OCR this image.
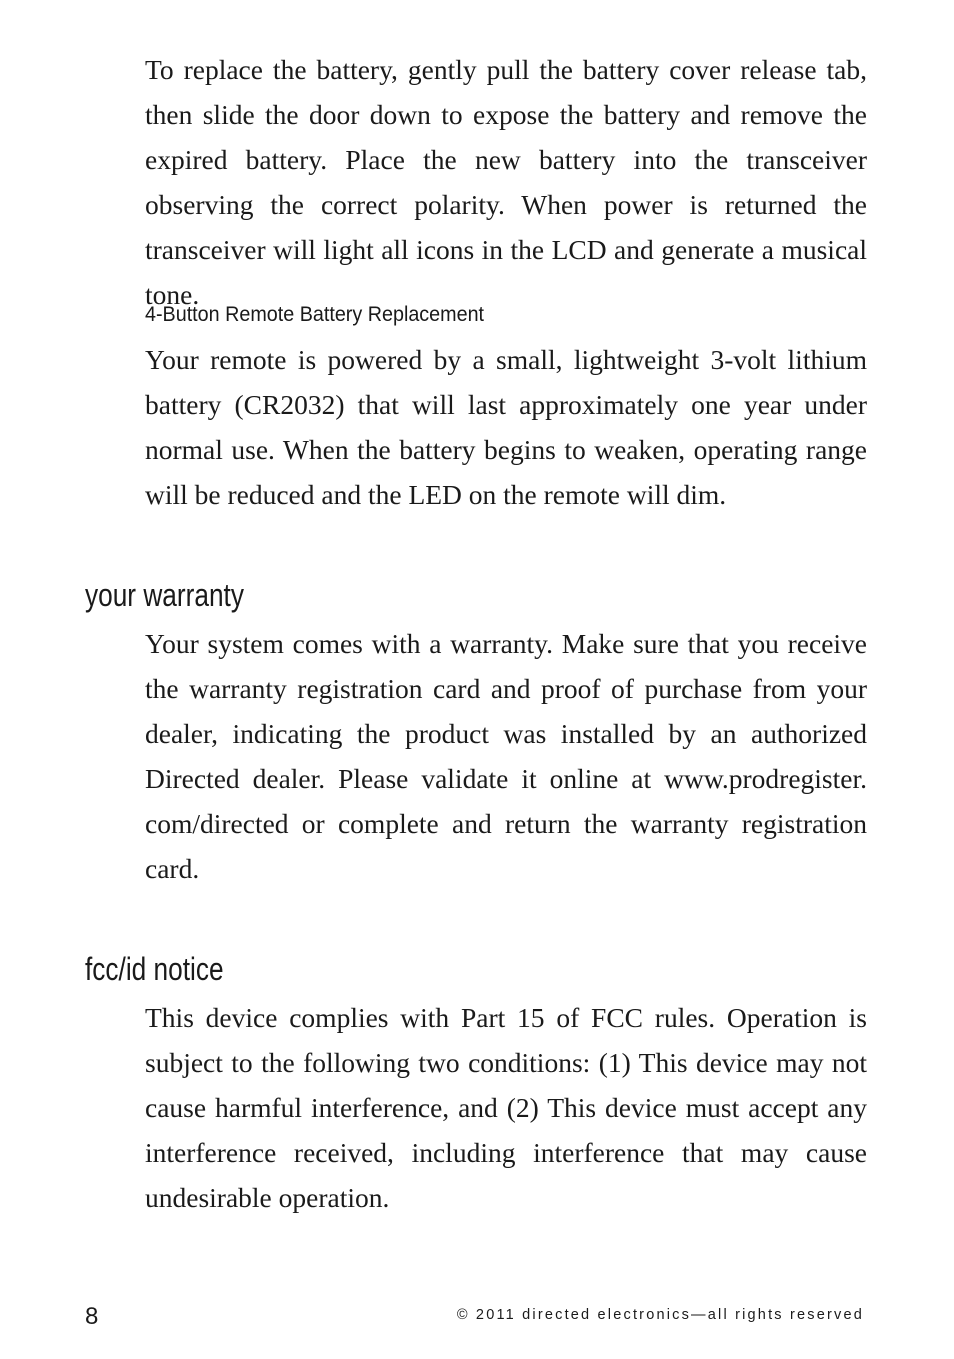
To replace the battery, gently pull the battery cover release tab, then slide the door down to expose the battery and remove the expired battery. Place the new battery into the transceiver observing the correct polarity. When power is returned the transceiver will light all icons in the LCD and generate a musical tone.

4-Button Remote Battery Replacement

Your remote is powered by a small, lightweight 3-volt lithium battery (CR2032) that will last approximately one year under normal use. When the battery begins to weaken, operating range will be reduced and the LED on the remote will dim.

your warranty

Your system comes with a warranty. Make sure that you receive the warranty registration card and proof of purchase from your dealer, indicating the product was installed by an authorized Directed dealer. Please validate it online at www.prodregister. com/directed or complete and return the warranty registration card.

fcc/id notice

This device complies with Part 15 of FCC rules. Operation is subject to the following two conditions: (1) This device may not cause harmful interference, and (2) This device must accept any interference received, including interference that may cause undesirable operation.

8	© 2011 directed electronics—all rights reserved
